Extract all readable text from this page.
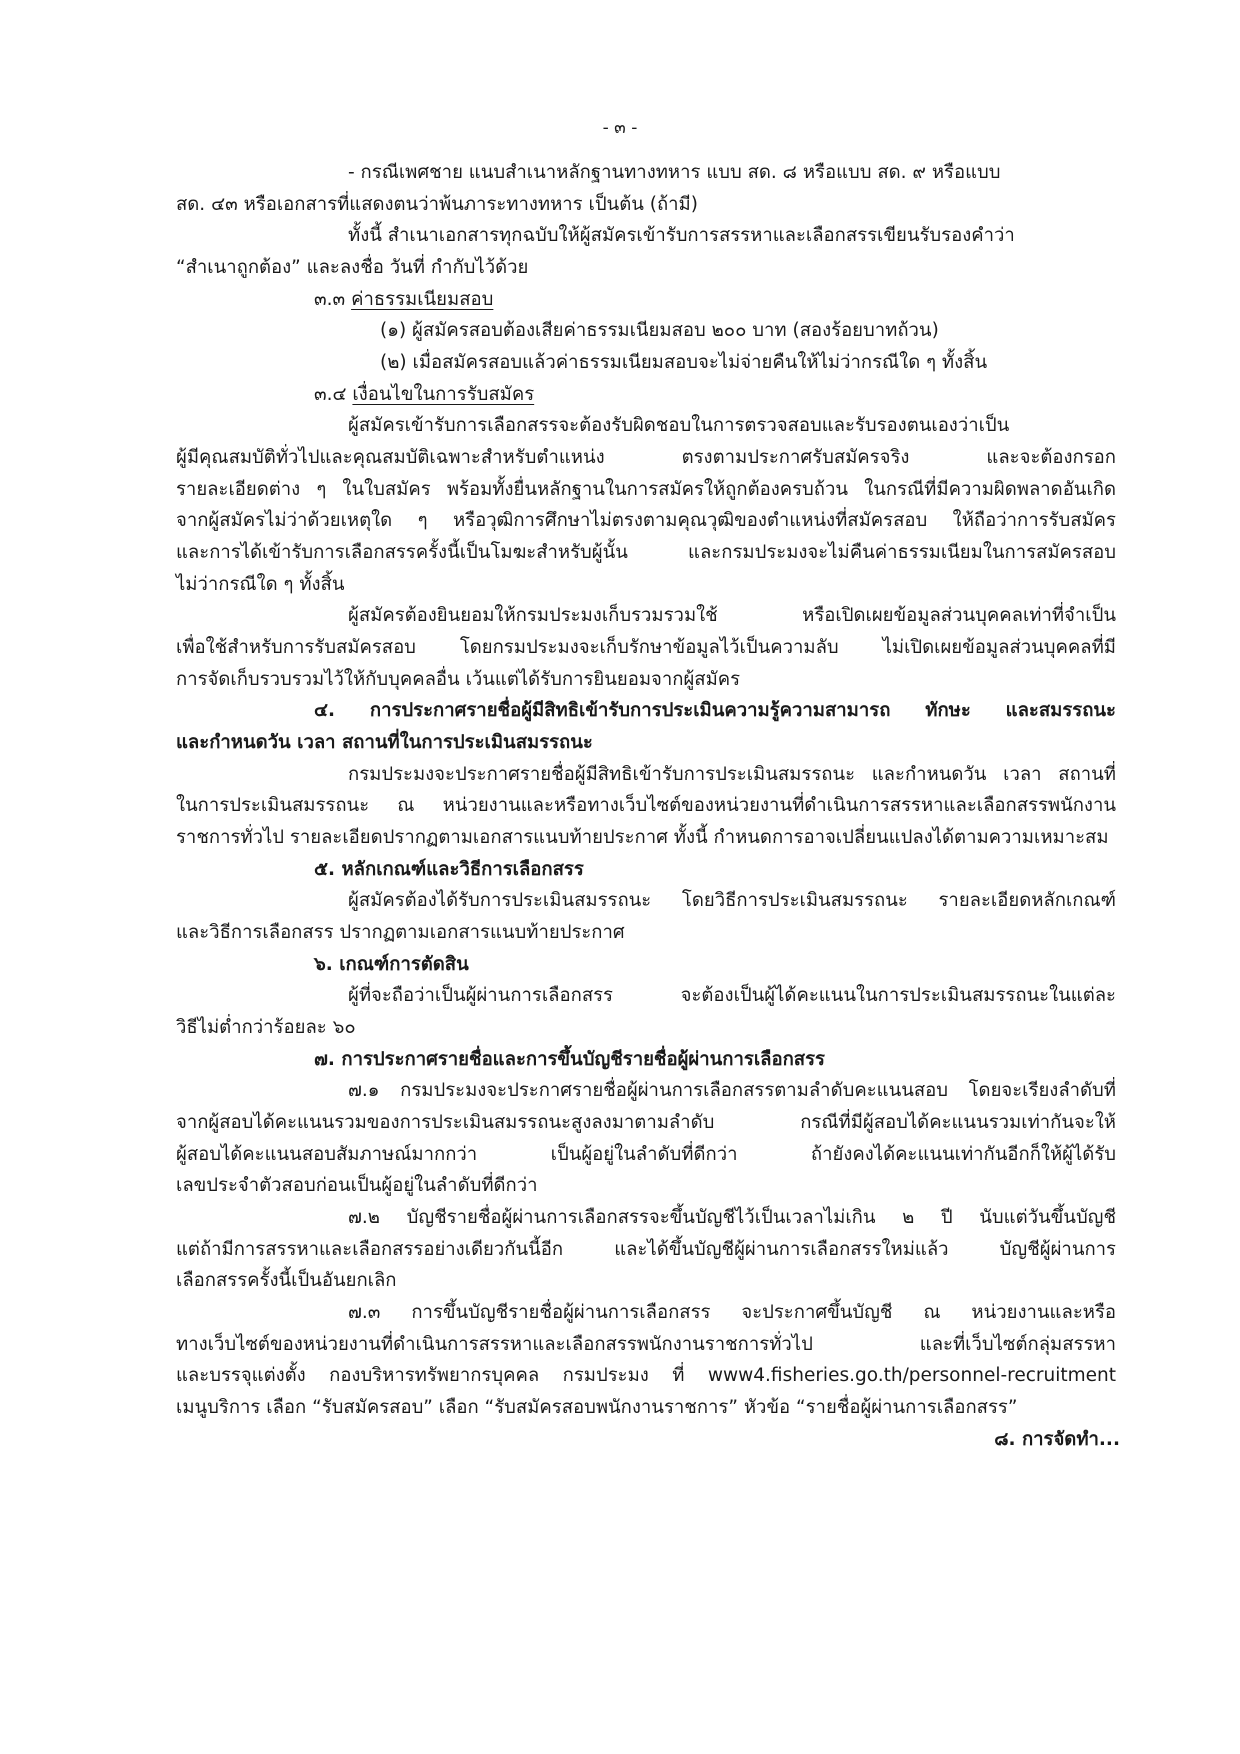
- ๓ -
- กรณีเพศชาย แนบสำเนาหลักฐานทางทหาร แบบ สด. ๘ หรือแบบ สด. ๙ หรือแบบ
สด. ๔๓ หรือเอกสารที่แสดงตนว่าพ้นภาระทางทหาร เป็นต้น (ถ้ามี)
ทั้งนี้ สำเนาเอกสารทุกฉบับให้ผู้สมัครเข้ารับการสรรหาและเลือกสรรเขียนรับรองคำว่า
“สำเนาถูกต้อง” และลงชื่อ วันที่ กำกับไว้ด้วย
๓.๓ ค่าธรรมเนียมสอบ
(๑) ผู้สมัครสอบต้องเสียค่าธรรมเนียมสอบ ๒๐๐ บาท (สองร้อยบาทถ้วน)
(๒) เมื่อสมัครสอบแล้วค่าธรรมเนียมสอบจะไม่จ่ายคืนให้ไม่ว่ากรณีใด ๆ ทั้งสิ้น
๓.๔ เงื่อนไขในการรับสมัคร
ผู้สมัครเข้ารับการเลือกสรรจะต้องรับผิดชอบในการตรวจสอบและรับรองตนเองว่าเป็น
ผู้มีคุณสมบัติทั่วไปและคุณสมบัติเฉพาะสำหรับตำแหน่ง ตรงตามประกาศรับสมัครจริง และจะต้องกรอก
รายละเอียดต่าง ๆ ในใบสมัคร พร้อมทั้งยื่นหลักฐานในการสมัครให้ถูกต้องครบถ้วน ในกรณีที่มีความผิดพลาดอันเกิด
จากผู้สมัครไม่ว่าด้วยเหตุใด ๆ หรือวุฒิการศึกษาไม่ตรงตามคุณวุฒิของตำแหน่งที่สมัครสอบ ให้ถือว่าการรับสมัคร
และการได้เข้ารับการเลือกสรรครั้งนี้เป็นโมฆะสำหรับผู้นั้น และกรมประมงจะไม่คืนค่าธรรมเนียมในการสมัครสอบ
ไม่ว่ากรณีใด ๆ ทั้งสิ้น
ผู้สมัครต้องยินยอมให้กรมประมงเก็บรวมรวมใช้ หรือเปิดเผยข้อมูลส่วนบุคคลเท่าที่จำเป็น
เพื่อใช้สำหรับการรับสมัครสอบ โดยกรมประมงจะเก็บรักษาข้อมูลไว้เป็นความลับ ไม่เปิดเผยข้อมูลส่วนบุคคลที่มี
การจัดเก็บรวบรวมไว้ให้กับบุคคลอื่น เว้นแต่ได้รับการยินยอมจากผู้สมัคร
๔. การประกาศรายชื่อผู้มีสิทธิเข้ารับการประเมินความรู้ความสามารถ ทักษะ และสมรรถนะ
และกำหนดวัน เวลา สถานที่ในการประเมินสมรรถนะ
กรมประมงจะประกาศรายชื่อผู้มีสิทธิเข้ารับการประเมินสมรรถนะ และกำหนดวัน เวลา สถานที่
ในการประเมินสมรรถนะ ณ หน่วยงานและหรือทางเว็บไซต์ของหน่วยงานที่ดำเนินการสรรหาและเลือกสรรพนักงาน
ราชการทั่วไป รายละเอียดปรากฏตามเอกสารแนบท้ายประกาศ ทั้งนี้ กำหนดการอาจเปลี่ยนแปลงได้ตามความเหมาะสม
๕. หลักเกณฑ์และวิธีการเลือกสรร
ผู้สมัครต้องได้รับการประเมินสมรรถนะ โดยวิธีการประเมินสมรรถนะ รายละเอียดหลักเกณฑ์
และวิธีการเลือกสรร ปรากฏตามเอกสารแนบท้ายประกาศ
๖. เกณฑ์การตัดสิน
ผู้ที่จะถือว่าเป็นผู้ผ่านการเลือกสรร จะต้องเป็นผู้ได้คะแนนในการประเมินสมรรถนะในแต่ละ
วิธีไม่ต่ำกว่าร้อยละ ๖๐
๗. การประกาศรายชื่อและการขึ้นบัญชีรายชื่อผู้ผ่านการเลือกสรร
๗.๑ กรมประมงจะประกาศรายชื่อผู้ผ่านการเลือกสรรตามลำดับคะแนนสอบ โดยจะเรียงลำดับที่
จากผู้สอบได้คะแนนรวมของการประเมินสมรรถนะสูงลงมาตามลำดับ กรณีที่มีผู้สอบได้คะแนนรวมเท่ากันจะให้
ผู้สอบได้คะแนนสอบสัมภาษณ์มากกว่า เป็นผู้อยู่ในลำดับที่ดีกว่า ถ้ายังคงได้คะแนนเท่ากันอีกก็ให้ผู้ได้รับ
เลขประจำตัวสอบก่อนเป็นผู้อยู่ในลำดับที่ดีกว่า
๗.๒ บัญชีรายชื่อผู้ผ่านการเลือกสรรจะขึ้นบัญชีไว้เป็นเวลาไม่เกิน ๒ ปี นับแต่วันขึ้นบัญชี
แต่ถ้ามีการสรรหาและเลือกสรรอย่างเดียวกันนี้อีก และได้ขึ้นบัญชีผู้ผ่านการเลือกสรรใหม่แล้ว บัญชีผู้ผ่านการ
เลือกสรรครั้งนี้เป็นอันยกเลิก
๗.๓ การขึ้นบัญชีรายชื่อผู้ผ่านการเลือกสรร จะประกาศขึ้นบัญชี ณ หน่วยงานและหรือ
ทางเว็บไซต์ของหน่วยงานที่ดำเนินการสรรหาและเลือกสรรพนักงานราชการทั่วไป และที่เว็บไซต์กลุ่มสรรหา
และบรรจุแต่งตั้ง กองบริหารทรัพยากรบุคคล กรมประมง ที่ www4.fisheries.go.th/personnel-recruitment
เมนูบริการ เลือก “รับสมัครสอบ” เลือก “รับสมัครสอบพนักงานราชการ” หัวข้อ “รายชื่อผู้ผ่านการเลือกสรร”
๘. การจัดทำ...
